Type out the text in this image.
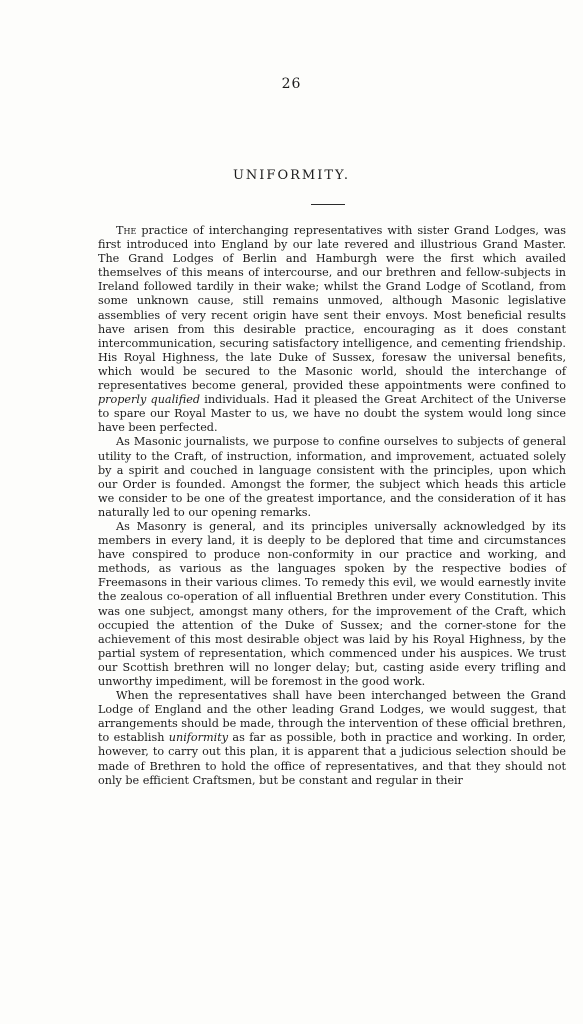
26
UNIFORMITY.

The practice of interchanging representatives with sister Grand Lodges, was first introduced into England by our late revered and illustrious Grand Master. The Grand Lodges of Berlin and Hamburgh were the first which availed themselves of this means of intercourse, and our brethren and fellow-subjects in Ireland followed tardily in their wake; whilst the Grand Lodge of Scotland, from some unknown cause, still remains unmoved, although Masonic legislative assemblies of very recent origin have sent their envoys. Most beneficial results have arisen from this desirable practice, encouraging as it does constant intercommunication, securing satisfactory intelligence, and cementing friendship. His Royal Highness, the late Duke of Sussex, foresaw the universal benefits, which would be secured to the Masonic world, should the interchange of representatives become general, provided these appointments were confined to properly qualified individuals. Had it pleased the Great Architect of the Universe to spare our Royal Master to us, we have no doubt the system would long since have been perfected.

As Masonic journalists, we purpose to confine ourselves to subjects of general utility to the Craft, of instruction, information, and improvement, actuated solely by a spirit and couched in language consistent with the principles, upon which our Order is founded. Amongst the former, the subject which heads this article we consider to be one of the greatest importance, and the consideration of it has naturally led to our opening remarks.

As Masonry is general, and its principles universally acknowledged by its members in every land, it is deeply to be deplored that time and circumstances have conspired to produce non-conformity in our practice and working, and methods, as various as the languages spoken by the respective bodies of Freemasons in their various climes. To remedy this evil, we would earnestly invite the zealous co-operation of all influential Brethren under every Constitution. This was one subject, amongst many others, for the improvement of the Craft, which occupied the attention of the Duke of Sussex; and the corner-stone for the achievement of this most desirable object was laid by his Royal Highness, by the partial system of representation, which commenced under his auspices. We trust our Scottish brethren will no longer delay; but, casting aside every trifling and unworthy impediment, will be foremost in the good work.

When the representatives shall have been interchanged between the Grand Lodge of England and the other leading Grand Lodges, we would suggest, that arrangements should be made, through the intervention of these official brethren, to establish uniformity as far as possible, both in practice and working. In order, however, to carry out this plan, it is apparent that a judicious selection should be made of Brethren to hold the office of representatives, and that they should not only be efficient Craftsmen, but be constant and regular in their
